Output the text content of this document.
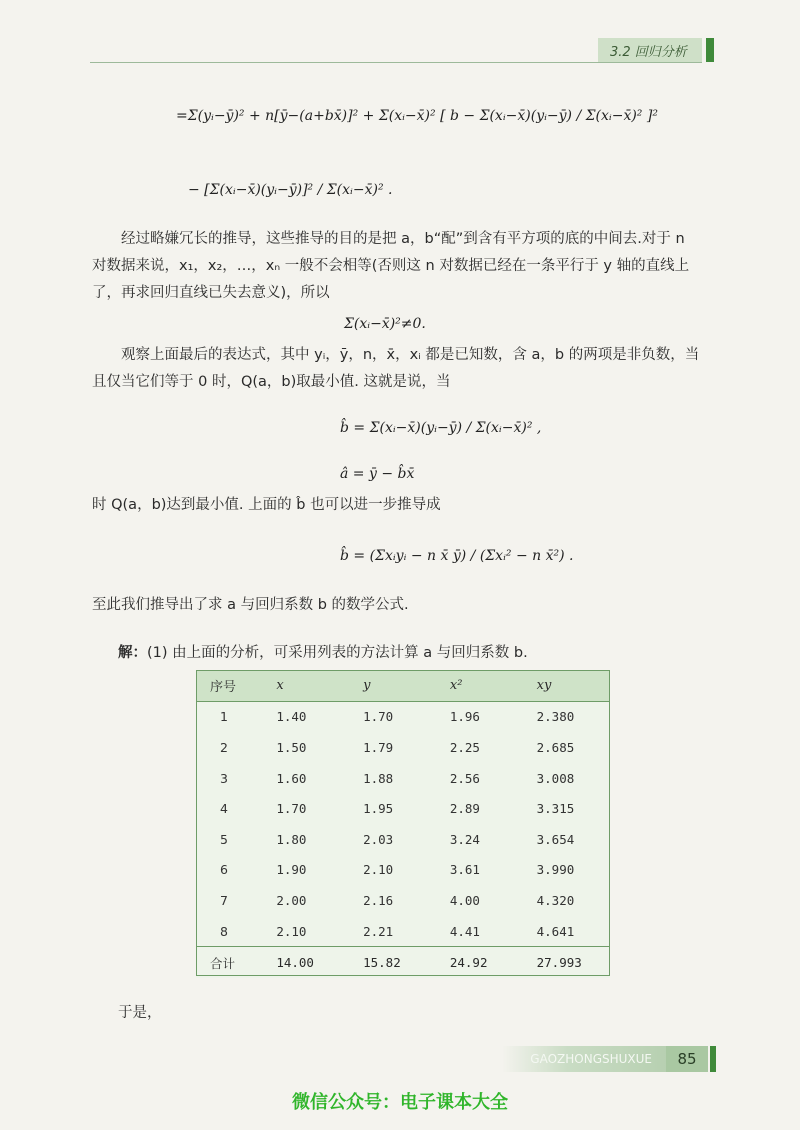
3.2 回归分析
=Σ(yᵢ−ȳ)² + n[ȳ−(a+bx̄)]² + Σ(xᵢ−x̄)² [ b − Σ(xᵢ−x̄)(yᵢ−ȳ) / Σ(xᵢ−x̄)² ]²
− [Σ(xᵢ−x̄)(yᵢ−ȳ)]² / Σ(xᵢ−x̄)² .
经过略嫌冗长的推导，这些推导的目的是把 a，b“配”到含有平方项的底的中间去.对于 n 对数据来说，x₁，x₂，…，xₙ 一般不会相等(否则这 n 对数据已经在一条平行于 y 轴的直线上了，再求回归直线已失去意义)，所以
Σ(xᵢ−x̄)²≠0.
观察上面最后的表达式，其中 yᵢ，ȳ，n，x̄，xᵢ 都是已知数，含 a，b 的两项是非负数，当且仅当它们等于 0 时，Q(a，b)取最小值. 这就是说，当
b̂ = Σ(xᵢ−x̄)(yᵢ−ȳ) / Σ(xᵢ−x̄)² ,
â = ȳ − b̂x̄
时 Q(a，b)达到最小值. 上面的 b̂ 也可以进一步推导成
b̂ = (Σxᵢyᵢ − n x̄ ȳ) / (Σxᵢ² − n x̄²) .
至此我们推导出了求 a 与回归系数 b 的数学公式.
解：(1) 由上面的分析，可采用列表的方法计算 a 与回归系数 b.
序号	x	y	x²	xy
1	1.40	1.70	1.96	2.380
2	1.50	1.79	2.25	2.685
3	1.60	1.88	2.56	3.008
4	1.70	1.95	2.89	3.315
5	1.80	2.03	3.24	3.654
6	1.90	2.10	3.61	3.990
7	2.00	2.16	4.00	4.320
8	2.10	2.21	4.41	4.641
合计	14.00	15.82	24.92	27.993
于是，
GAOZHONGSHUXUE	85
微信公众号：电子课本大全
